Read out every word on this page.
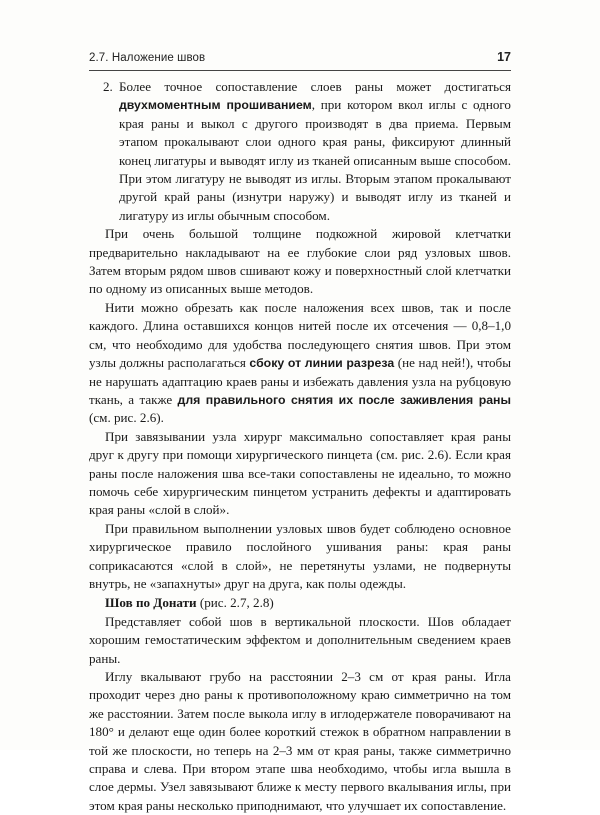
2.7. Наложение швов	17

2. Более точное сопоставление слоев раны может достигаться двухмоментным прошиванием, при котором вкол иглы с одного края раны и выкол с другого производят в два приема. Первым этапом прокалывают слои одного края раны, фиксируют длинный конец лигатуры и выводят иглу из тканей описанным выше способом. При этом лигатуру не выводят из иглы. Вторым этапом прокалывают другой край раны (изнутри наружу) и выводят иглу из тканей и лигатуру из иглы обычным способом.

При очень большой толщине подкожной жировой клетчатки предварительно накладывают на ее глубокие слои ряд узловых швов. Затем вторым рядом швов сшивают кожу и поверхностный слой клетчатки по одному из описанных выше методов.

Нити можно обрезать как после наложения всех швов, так и после каждого. Длина оставшихся концов нитей после их отсечения — 0,8–1,0 см, что необходимо для удобства последующего снятия швов. При этом узлы должны располагаться сбоку от линии разреза (не над ней!), чтобы не нарушать адаптацию краев раны и избежать давления узла на рубцовую ткань, а также для правильного снятия их после заживления раны (см. рис. 2.6).

При завязывании узла хирург максимально сопоставляет края раны друг к другу при помощи хирургического пинцета (см. рис. 2.6). Если края раны после наложения шва все-таки сопоставлены не идеально, то можно помочь себе хирургическим пинцетом устранить дефекты и адаптировать края раны «слой в слой».

При правильном выполнении узловых швов будет соблюдено основное хирургическое правило послойного ушивания раны: края раны соприкасаются «слой в слой», не перетянуты узлами, не подвернуты внутрь, не «запахнуты» друг на друга, как полы одежды.

Шов по Донати (рис. 2.7, 2.8)

Представляет собой шов в вертикальной плоскости. Шов обладает хорошим гемостатическим эффектом и дополнительным сведением краев раны.

Иглу вкалывают грубо на расстоянии 2–3 см от края раны. Игла проходит через дно раны к противоположному краю симметрично на том же расстоянии. Затем после выкола иглу в иглодержателе поворачивают на 180° и делают еще один более короткий стежок в обратном направлении в той же плоскости, но теперь на 2–3 мм от края раны, также симметрично справа и слева. При втором этапе шва необходимо, чтобы игла вышла в слое дермы. Узел завязывают ближе к месту первого вкалывания иглы, при этом края раны несколько приподнимают, что улучшает их сопоставление.
